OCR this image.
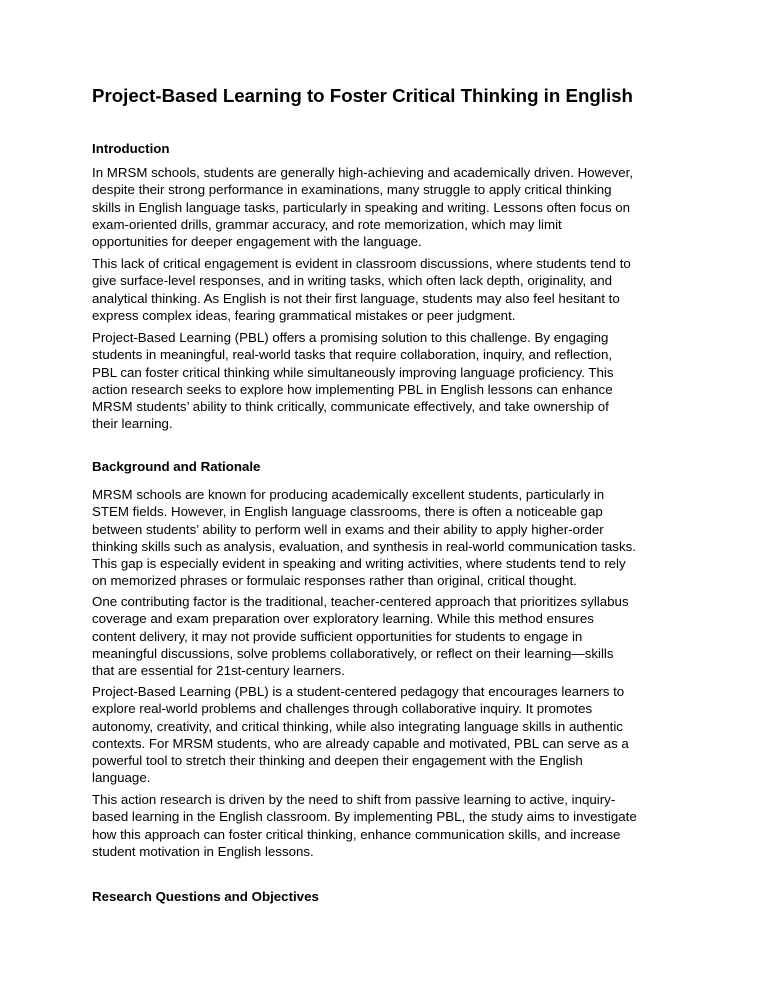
Project-Based Learning to Foster Critical Thinking in English
Introduction

In MRSM schools, students are generally high-achieving and academically driven. However,
despite their strong performance in examinations, many struggle to apply critical thinking
skills in English language tasks, particularly in speaking and writing. Lessons often focus on
exam-oriented drills, grammar accuracy, and rote memorization, which may limit
opportunities for deeper engagement with the language.

This lack of critical engagement is evident in classroom discussions, where students tend to
give surface-level responses, and in writing tasks, which often lack depth, originality, and
analytical thinking. As English is not their first language, students may also feel hesitant to
express complex ideas, fearing grammatical mistakes or peer judgment.

Project-Based Learning (PBL) offers a promising solution to this challenge. By engaging
students in meaningful, real-world tasks that require collaboration, inquiry, and reflection,
PBL can foster critical thinking while simultaneously improving language proficiency. This
action research seeks to explore how implementing PBL in English lessons can enhance
MRSM students’ ability to think critically, communicate effectively, and take ownership of
their learning.

Background and Rationale

MRSM schools are known for producing academically excellent students, particularly in
STEM fields. However, in English language classrooms, there is often a noticeable gap
between students’ ability to perform well in exams and their ability to apply higher-order
thinking skills such as analysis, evaluation, and synthesis in real-world communication tasks.
This gap is especially evident in speaking and writing activities, where students tend to rely
on memorized phrases or formulaic responses rather than original, critical thought.

One contributing factor is the traditional, teacher-centered approach that prioritizes syllabus
coverage and exam preparation over exploratory learning. While this method ensures
content delivery, it may not provide sufficient opportunities for students to engage in
meaningful discussions, solve problems collaboratively, or reflect on their learning—skills
that are essential for 21st-century learners.

Project-Based Learning (PBL) is a student-centered pedagogy that encourages learners to
explore real-world problems and challenges through collaborative inquiry. It promotes
autonomy, creativity, and critical thinking, while also integrating language skills in authentic
contexts. For MRSM students, who are already capable and motivated, PBL can serve as a
powerful tool to stretch their thinking and deepen their engagement with the English
language.

This action research is driven by the need to shift from passive learning to active, inquiry-
based learning in the English classroom. By implementing PBL, the study aims to investigate
how this approach can foster critical thinking, enhance communication skills, and increase
student motivation in English lessons.

Research Questions and Objectives
